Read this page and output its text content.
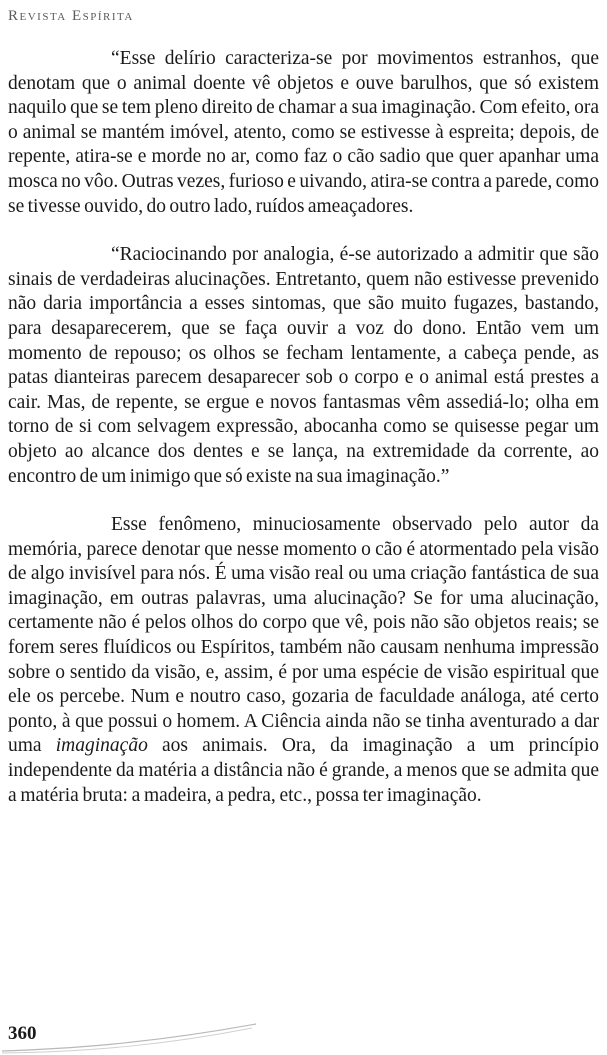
Revista Espírita

“Esse delírio caracteriza-se por movimentos estranhos, que denotam que o animal doente vê objetos e ouve barulhos, que só existem naquilo que se tem pleno direito de chamar a sua imaginação. Com efeito, ora o animal se mantém imóvel, atento, como se estivesse à espreita; depois, de repente, atira-se e morde no ar, como faz o cão sadio que quer apanhar uma mosca no vôo. Outras vezes, furioso e uivando, atira-se contra a parede, como se tivesse ouvido, do outro lado, ruídos ameaçadores.

“Raciocinando por analogia, é-se autorizado a admitir que são sinais de verdadeiras alucinações. Entretanto, quem não estivesse prevenido não daria importância a esses sintomas, que são muito fugazes, bastando, para desaparecerem, que se faça ouvir a voz do dono. Então vem um momento de repouso; os olhos se fecham lentamente, a cabeça pende, as patas dianteiras parecem desaparecer sob o corpo e o animal está prestes a cair. Mas, de repente, se ergue e novos fantasmas vêm assediá-lo; olha em torno de si com selvagem expressão, abocanha como se quisesse pegar um objeto ao alcance dos dentes e se lança, na extremidade da corrente, ao encontro de um inimigo que só existe na sua imaginação.”

Esse fenômeno, minuciosamente observado pelo autor da memória, parece denotar que nesse momento o cão é atormentado pela visão de algo invisível para nós. É uma visão real ou uma criação fantástica de sua imaginação, em outras palavras, uma alucinação? Se for uma alucinação, certamente não é pelos olhos do corpo que vê, pois não são objetos reais; se forem seres fluídicos ou Espíritos, também não causam nenhuma impressão sobre o sentido da visão, e, assim, é por uma espécie de visão espiritual que ele os percebe. Num e noutro caso, gozaria de faculdade análoga, até certo ponto, à que possui o homem. A Ciência ainda não se tinha aventurado a dar uma imaginação aos animais. Ora, da imaginação a um princípio independente da matéria a distância não é grande, a menos que se admita que a matéria bruta: a madeira, a pedra, etc., possa ter imaginação.

360
